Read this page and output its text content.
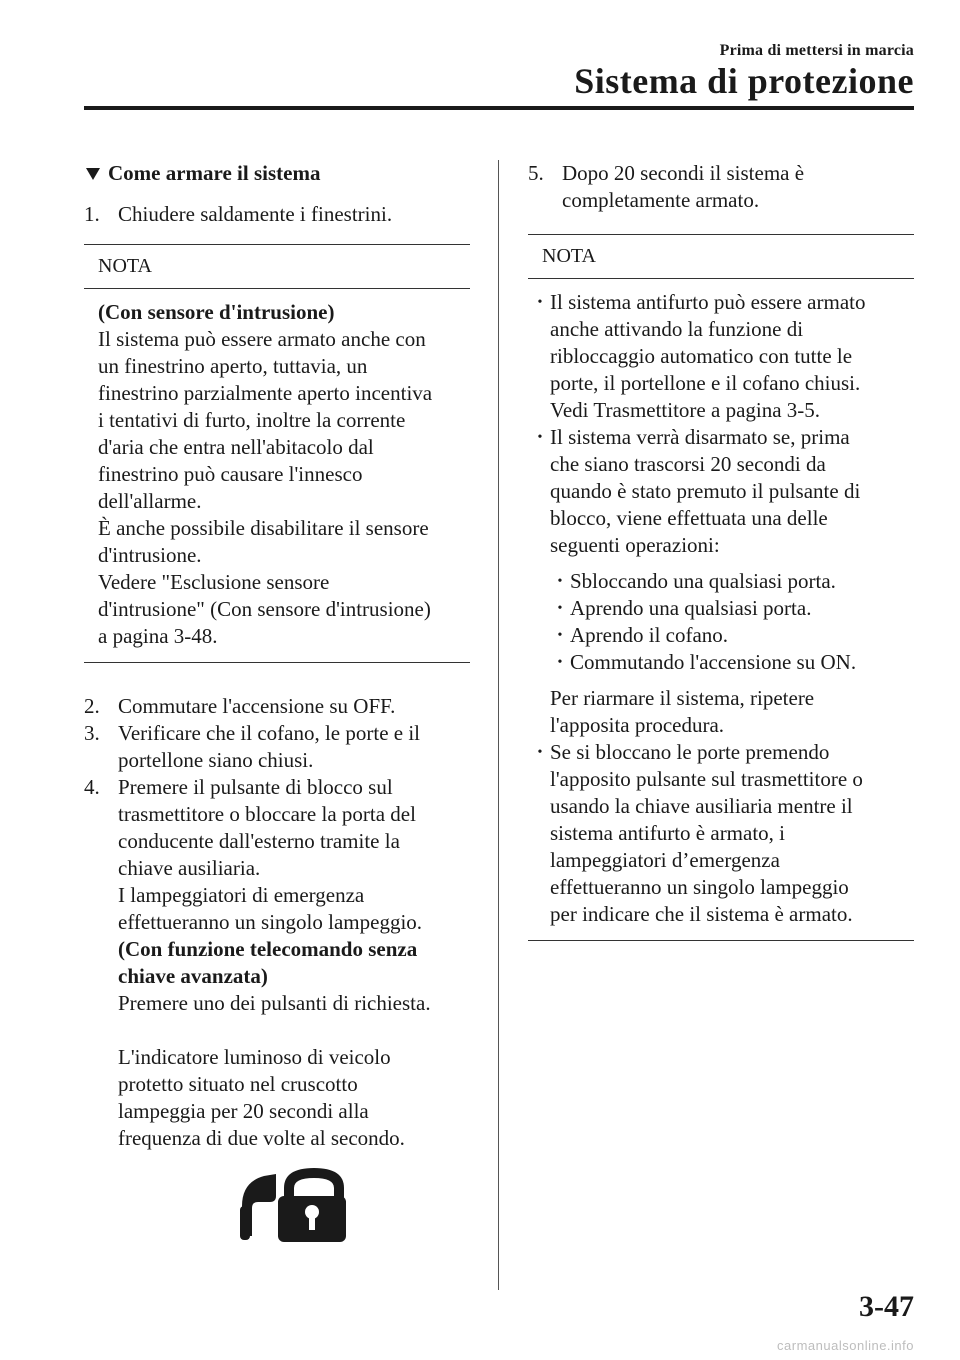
Prima di mettersi in marcia
Sistema di protezione
Come armare il sistema
1. Chiudere saldamente i finestrini.
NOTA
(Con sensore d'intrusione)
Il sistema può essere armato anche con
un finestrino aperto, tuttavia, un
finestrino parzialmente aperto incentiva
i tentativi di furto, inoltre la corrente
d'aria che entra nell'abitacolo dal
finestrino può causare l'innesco
dell'allarme.
È anche possibile disabilitare il sensore
d'intrusione.
Vedere "Esclusione sensore
d'intrusione" (Con sensore d'intrusione)
a pagina 3-48.
2. Commutare l'accensione su OFF.
3. Verificare che il cofano, le porte e il
portellone siano chiusi.
4. Premere il pulsante di blocco sul
trasmettitore o bloccare la porta del
conducente dall'esterno tramite la
chiave ausiliaria.
I lampeggiatori di emergenza
effettueranno un singolo lampeggio.
(Con funzione telecomando senza
chiave avanzata)
Premere uno dei pulsanti di richiesta.
L'indicatore luminoso di veicolo
protetto situato nel cruscotto
lampeggia per 20 secondi alla
frequenza di due volte al secondo.
5. Dopo 20 secondi il sistema è
completamente armato.
NOTA
• Il sistema antifurto può essere armato
anche attivando la funzione di
ribloccaggio automatico con tutte le
porte, il portellone e il cofano chiusi.
Vedi Trasmettitore a pagina 3-5.
• Il sistema verrà disarmato se, prima
che siano trascorsi 20 secondi da
quando è stato premuto il pulsante di
blocco, viene effettuata una delle
seguenti operazioni:
• Sbloccando una qualsiasi porta.
• Aprendo una qualsiasi porta.
• Aprendo il cofano.
• Commutando l'accensione su ON.
Per riarmare il sistema, ripetere
l'apposita procedura.
• Se si bloccano le porte premendo
l'apposito pulsante sul trasmettitore o
usando la chiave ausiliaria mentre il
sistema antifurto è armato, i
lampeggiatori d’emergenza
effettueranno un singolo lampeggio
per indicare che il sistema è armato.
3-47
carmanualsonline.info
